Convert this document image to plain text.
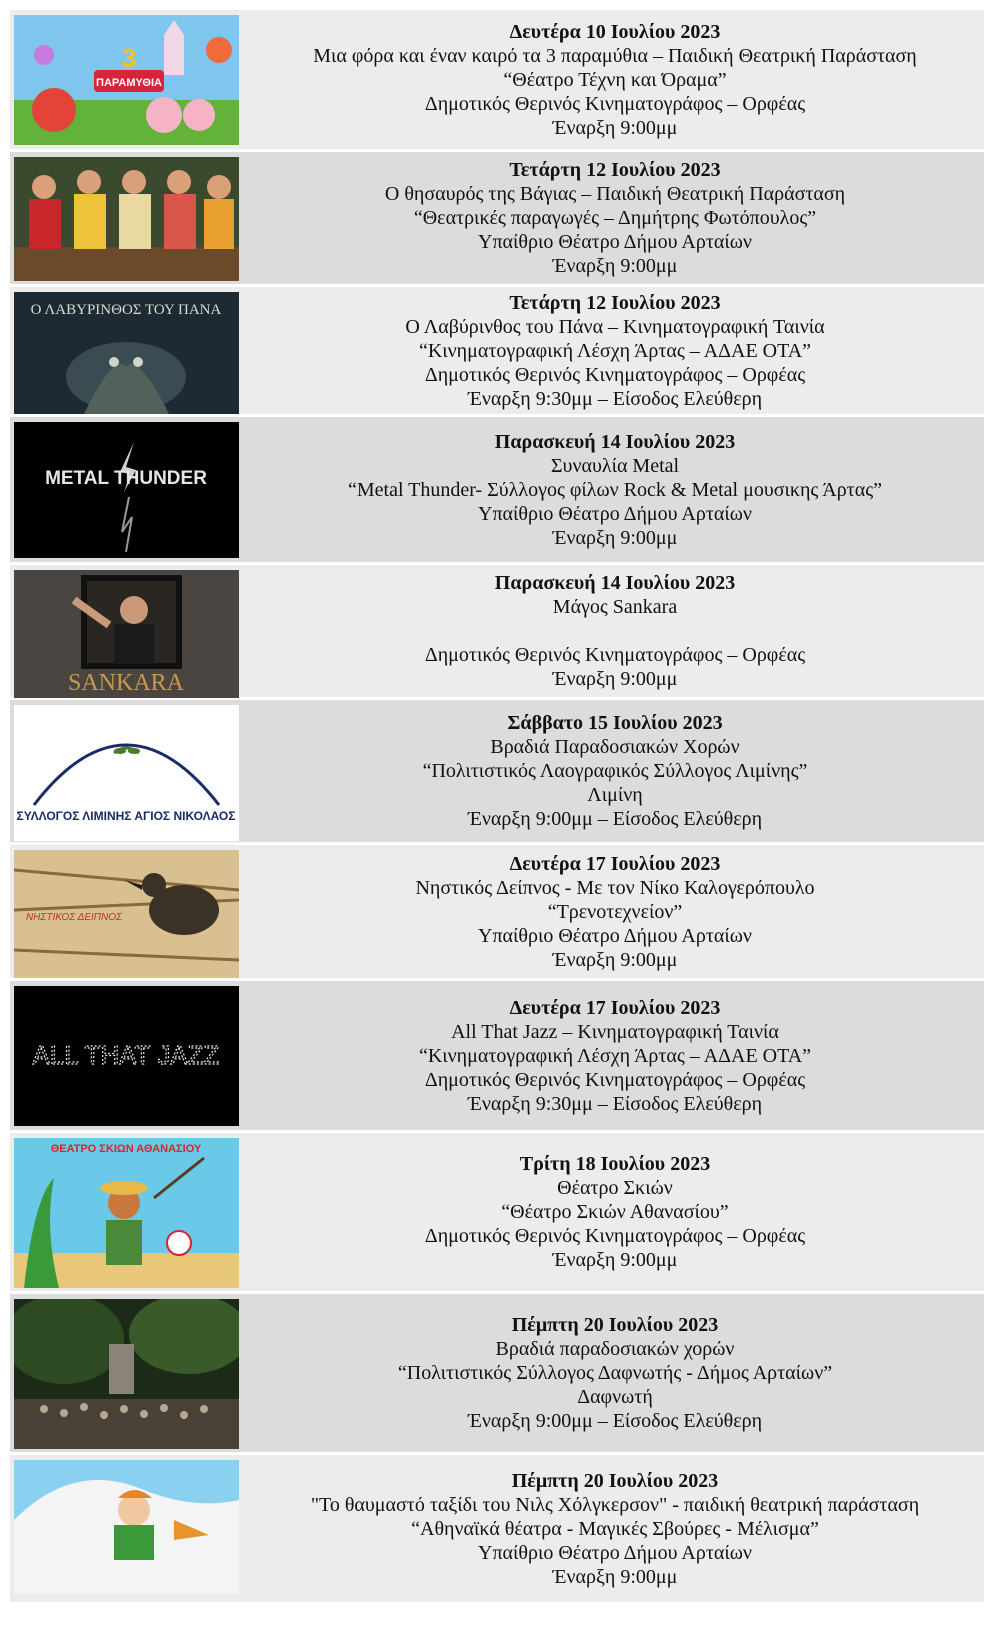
3
ΠΑΡΑΜΥΘΙΑ
Δευτέρα 10 Ιουλίου 2023
Μια φόρα και έναν καιρό τα 3 παραμύθια – Παιδική Θεατρική Παράσταση
“Θέατρο Τέχνη και Όραμα”
Δημοτικός Θερινός Κινηματογράφος – Ορφέας
Έναρξη 9:00μμ
Τετάρτη 12 Ιουλίου 2023
Ο θησαυρός της Βάγιας – Παιδική Θεατρική Παράσταση
“Θεατρικές παραγωγές – Δημήτρης Φωτόπουλος”
Υπαίθριο Θέατρο Δήμου Αρταίων
Έναρξη 9:00μμ
Ο ΛΑΒΥΡΙΝΘΟΣ ΤΟΥ ΠΑΝΑ	Τετάρτη 12 Ιουλίου 2023
Ο Λαβύρινθος του Πάνα – Κινηματογραφική Ταινία
“Κινηματογραφική Λέσχη Άρτας – ΑΔΑΕ ΟΤΑ”
Δημοτικός Θερινός Κινηματογράφος – Ορφέας
Έναρξη 9:30μμ – Είσοδος Ελεύθερη
METAL THUNDER
Παρασκευή 14 Ιουλίου 2023
Συναυλία Metal
“Metal Thunder- Σύλλογος φίλων Rock & Metal μουσικης Άρτας”
Υπαίθριο Θέατρο Δήμου Αρταίων
Έναρξη 9:00μμ
SANKARA
Παρασκευή 14 Ιουλίου 2023
Μάγος Sankara
Δημοτικός Θερινός Κινηματογράφος – Ορφέας
Έναρξη 9:00μμ
ΣΥΛΛΟΓΟΣ ΛΙΜΙΝΗΣ ΑΓΙΟΣ ΝΙΚΟΛΑΟΣ
Σάββατο 15 Ιουλίου 2023
Βραδιά Παραδοσιακών Χορών
“Πολιτιστικός Λαογραφικός Σύλλογος Λιμίνης”
Λιμίνη
Έναρξη 9:00μμ – Είσοδος Ελεύθερη
ΝΗΣΤΙΚΟΣ ΔΕΙΠΝΟΣ
Δευτέρα 17 Ιουλίου 2023
Νηστικός Δείπνος - Με τον Νίκο Καλογερόπουλο
“Τρενοτεχνείον”
Υπαίθριο Θέατρο Δήμου Αρταίων
Έναρξη 9:00μμ
ALL THAT JAZZ
Δευτέρα 17 Ιουλίου 2023
All That Jazz – Κινηματογραφική Ταινία
“Κινηματογραφική Λέσχη Άρτας – ΑΔΑΕ ΟΤΑ”
Δημοτικός Θερινός Κινηματογράφος – Ορφέας
Έναρξη 9:30μμ – Είσοδος Ελεύθερη
ΘΕΑΤΡΟ ΣΚΙΩΝ ΑΘΑΝΑΣΙΟΥ
Τρίτη 18 Ιουλίου 2023
Θέατρο Σκιών
“Θέατρο Σκιών Αθανασίου”
Δημοτικός Θερινός Κινηματογράφος – Ορφέας
Έναρξη 9:00μμ
Πέμπτη 20 Ιουλίου 2023
Βραδιά παραδοσιακών χορών
“Πολιτιστικός Σύλλογος Δαφνωτής - Δήμος Αρταίων”
Δαφνωτή
Έναρξη 9:00μμ – Είσοδος Ελεύθερη
Πέμπτη 20 Ιουλίου 2023
"Το θαυμαστό ταξίδι του Νιλς Χόλγκερσον" - παιδική θεατρική παράσταση
“Αθηναϊκά θέατρα - Μαγικές Σβούρες - Μέλισμα”
Υπαίθριο Θέατρο Δήμου Αρταίων
Έναρξη 9:00μμ
